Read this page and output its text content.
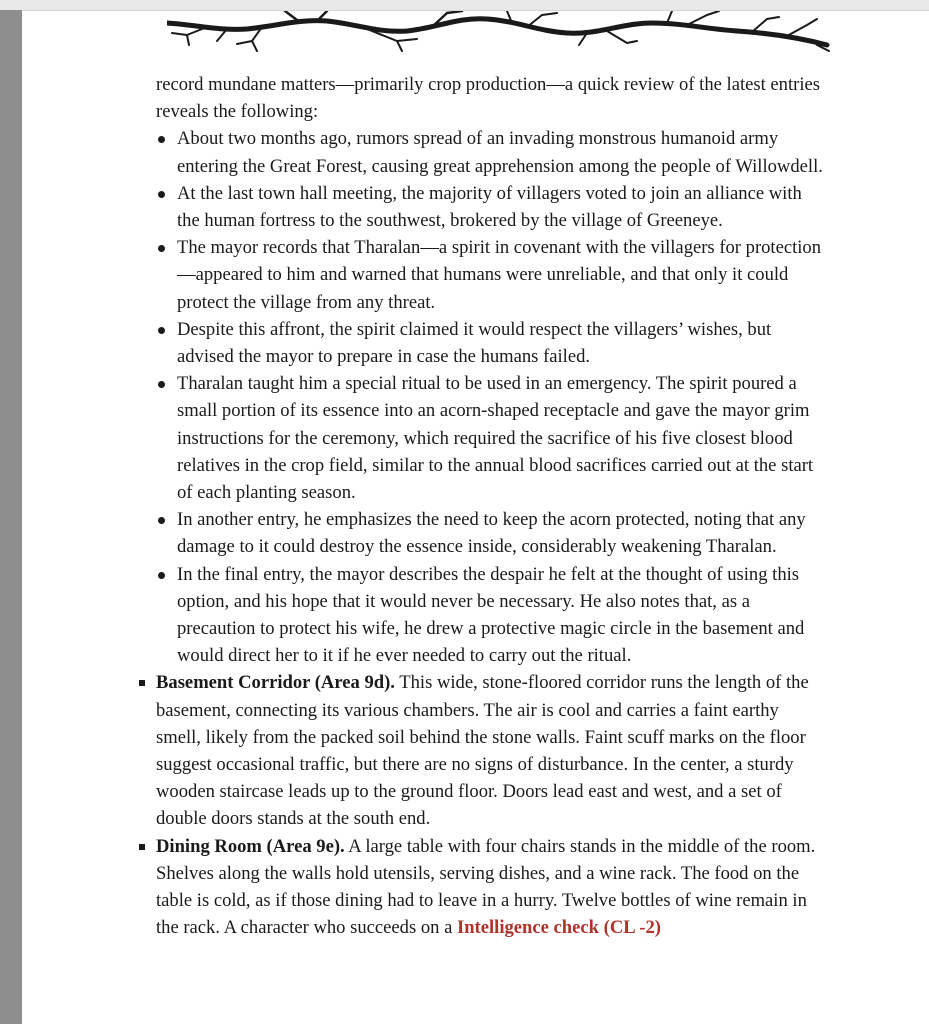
record mundane matters—primarily crop production—a quick review of the latest entries reveals the following:

About two months ago, rumors spread of an invading monstrous humanoid army entering the Great Forest, causing great apprehension among the people of Willowdell.
At the last town hall meeting, the majority of villagers voted to join an alliance with the human fortress to the southwest, brokered by the village of Greeneye.
The mayor records that Tharalan—a spirit in covenant with the villagers for protection—appeared to him and warned that humans were unreliable, and that only it could protect the village from any threat.
Despite this affront, the spirit claimed it would respect the villagers’ wishes, but advised the mayor to prepare in case the humans failed.
Tharalan taught him a special ritual to be used in an emergency. The spirit poured a small portion of its essence into an acorn-shaped receptacle and gave the mayor grim instructions for the ceremony, which required the sacrifice of his five closest blood relatives in the crop field, similar to the annual blood sacrifices carried out at the start of each planting season.
In another entry, he emphasizes the need to keep the acorn protected, noting that any damage to it could destroy the essence inside, considerably weakening Tharalan.
In the final entry, the mayor describes the despair he felt at the thought of using this option, and his hope that it would never be necessary. He also notes that, as a precaution to protect his wife, he drew a protective magic circle in the basement and would direct her to it if he ever needed to carry out the ritual.

Basement Corridor (Area 9d). This wide, stone-floored corridor runs the length of the basement, connecting its various chambers. The air is cool and carries a faint earthy smell, likely from the packed soil behind the stone walls. Faint scuff marks on the floor suggest occasional traffic, but there are no signs of disturbance. In the center, a sturdy wooden staircase leads up to the ground floor. Doors lead east and west, and a set of double doors stands at the south end.

Dining Room (Area 9e). A large table with four chairs stands in the middle of the room. Shelves along the walls hold utensils, serving dishes, and a wine rack. The food on the table is cold, as if those dining had to leave in a hurry. Twelve bottles of wine remain in the rack. A character who succeeds on a Intelligence check (CL -2)
